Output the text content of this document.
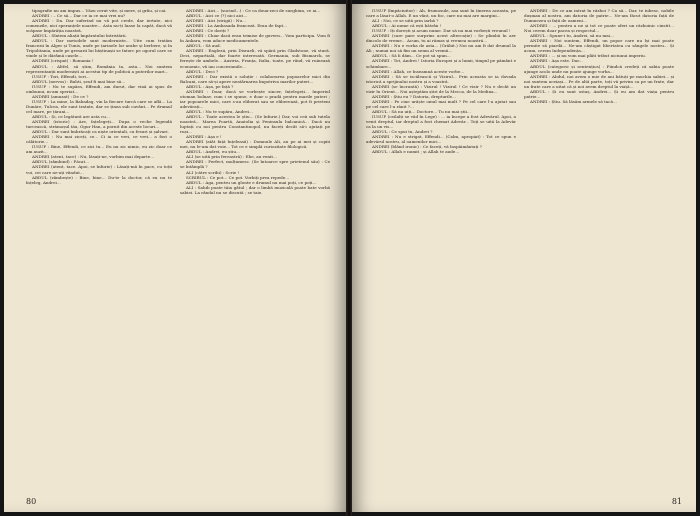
tipografie nu am impus... Văzu cerut vite, și mere, și grâu, și cai.

ANDREI : – Ce să... Dar ce ia ce mai vrei nu?

ANDREI : Da. Dar suferind nu vă pot crede, dar iertate, nici comenzile, nici speranțele noastre... Asta nu-ți luase la capăt, dacă vă scăpase împărăția noastră.

ABDUL : Sîntem aliații împăratului întristării.

ABDUL : Dar metodele sunt moderniste... Uite cum tratăm francezii în Alger și Tunis, unde pe țarinele lor arabe și berbere, și în Tripolitania, unde pe gresarii lui băștinașii se întorc pe ogorul care se vinde și le dărâmă casele...

ANDREI (crispat) : Romania !

ABDUL : Altfel, să știm, România ta, asta... Noi suntem reprezentanții moderniști ai acestui tip de politică a puterilor mari...

IUSUF : Tori, Effendi, tori...

ABDUL (nervos) : Bahti, șeuf fi mai bine să...

IUSUF : Nu te supăra, Effendi, am durut, dar vină ai spus de oinbunui, m-am speriat...

ANDREI (amuzat) : De ce ?

IUSUF : La mine, la Babadag, vin la fiecare turcă care se află... La Dunăre, Tulcea, ele sunt tratate, dar se ținea sub cuvânt... Pe drumul cel mare, pe țărani...

ABDUL : Și, ce legătură are asta cu...

ANDREI (istoric) : Are, înțelegeți... Dupa o veche legendă turcească, strămoșul tău, Ogur Han, a pornit din aceste locuri...

ABDUL : Dar sunt îmbrăcați ca niște orientali, cu fesuri și șalvari.

ANDREI : Nu mai ziceți, ce... Ci ia ce vrei, ce vrei... a fost o călătorie...

IUSUF : Bine, Effendi, ce zici tu... Eu nu zic nimic, eu zic doar ce am auzit...

ANDREI (atent, tace) : Nu, lăsați-ne, vorbim mai departe...

ABDUL (zâmbind) : Păcat...

ANDREI (atent, tace. Apoi, se înfurie) : Lăsați-mă în pace, cu toții voi, cei care ne-ați vândut...

ABDUL (zâmbește) : Bine, bine... Du-te la doctor, că eu nu te înțeleg, Andrei...

ANDREI : Aici... (sucind...) : Ce ca doua-zeci de surghiun, ce ai...

ABDUL : Aici ce (?) nici aici...

ANDREI : Aici (strigă) : Nu...

ANDREI : La Ambasada franceză. Erau de fapt...

ANDREI : Ce doriți ?

ANDREI : Chiar dacă erau trimise de guvern... Vom participa. Vom fi în Ankara, vom aduce medicamentele.

ABDUL : Să aud.

ANDREI : Englezii, prin Disraeli, vă spără prin Gladstone, vă stură. Deci, nepartială, dar foarte interesată. Germania, sub Bismarck, se ferește de ambele... Austria, Franța, Italia, toate, pe rând, vă ruinează economic, vă iau concesiunile...

ABDUL : Deci ?

ANDREI : Dar există o soluție : colaborarea popoarelor mici din Balcani, care să-și apere neatârnarea împotriva marilor puteri...

ABDUL : Așa, pe față ?

ANDREI : Doar, dacă se vorbește sincer, înțelegeți... Imperiul otoman bolnav, cum i se spune, e doar o pradă pentru marile puteri ; iar popoarele mici, care s-au eliberat sau se eliberează, pot fi prieteni adevărați...

ABDUL : Nu te supăra, Andrei...

ABDUL : Toate acestea le știu... (Se înfurie.) Dar, voi ceii sub tutela noastră... Marea Poartă, Anatolia și Peninsula balcanică... Dacă nu luptați cu noi pentru Constantinopol, nu faceți decât să-i ajutați pe ruși...

ANDREI : Așa e !

ANDREI (atât față înțeleasă) : Domnule Ali, au pe ai mei și copiii mei, nu le-am dat voie... Tot ce e simplă curiozitate filologică.

ABDUL : Andrei, eu știu...

ALI (se uită prin fereastră) : Ehe, au venit...

ANDREI : Perfect, mulțumesc. (Se întoarce spre prietenul său) : Ce se întâmplă ?

ALI (către scribi) : Scrie !

SCRIBUL : Ce pot... Ce pot. Vorbiți prea repede...

ABDUL : Aga, pentru un glonte e drumul nu mai poți, ce poți...

ALI : Sahib poate tăia gâtul ; dar o limbă muzicală poate bate vorbă sabiei. La rândul nu se discută ; se taie.

80

IUSUF (împăciuitor) : Ah, frumosule, asa sunt în ținerea aceasta, pe care a lăsat-o Allah. E un vânt, un foc, care nu mai are margini...

ALI : Noi, ce se uită prin iarbă ?

ABDUL : Ai nume că ești bătrân !

IUSUF : Iți dorești și acum nume. Dar să nu mai vorbești vreunul !

ANDREI (care pare surprins acest altercație) : Se plimbă în aer dincolo de vreme... Acum, tu ai rămas și vremea noastră...

ANDREI : Nu e vorba de asta... (Grăbit.) Noi nu am fi dat drumul la Ali ; numai noi să fim un semn al vremii...

ABDUL : Să îi dăm... Ce pot să spun...

ANDREI : Tot, Andrei ! Istoria Europei și a lumii, timpul pe pământ e schimbare...

ANDREI : Allah, ce înseamnă aceste vorbe...

ANDREI : Să se iscălească și Vizirul... Prin aceasta se ia dovada istorică a sprijinului nostru și a voastră.

ANDREI (se încruntă) : Vizirul ! Vizirul ! Ce vizir ? Nu e decât un vizir în Orient... Noi așteptăm știri de la Mecca, de la Medina...

ANDREI : Știu eu ? Datoria, drepturile...

ANDREI : Pe cine urăște omul mai mult ? Pe cel care l-a ajutat sau pe cel care l-a rănit ?...

ABDUL : Să nu uiți... Doctore... Tu nu mai știi...

IUSUF (ceilalți se văd în Lege) : ... ia începe a fost Adevărul. Apoi, a venit dreptul, iar dreptul a fost chemat Adevăr... Toți se uită la Adevăr ca la un vis...

ABDUL : Ce spui tu, Andrei ?

ANDREI : Nu e strigat, Effendi... (Calm, apropiat) : Tot ce spun e adevărul nostru, al oamenilor mici...

ANDREI (blând ironic) : Ce faceți, vă înspăimântați ?

ABDUL : Allah e numit ; și Allah te aude...

ANDREI : De ce am intrat în război ? Ca să... Dar, te iubesc, nobile dușman al nostru, am datoria de patrie... Ne-am făcut datoria față de Dumnezeu și față de oameni...

ANDREI : ... pentru a ne și tot ce poate oferi un războinic cinstit... Noi cerem doar pacea și respectul...

ABDUL : Spune-i tu, Andrei, să nu mai...

ANDREI : Noi suntem, Effendi, un popor care nu își mai poate permite să piardă... Ne-am câștigat libertatea cu sângele nostru... Și acum, cerem Independența...

ANDREI : ... și nu vom mai plăti tribut niciunui imperiu.

ANDREI : Așa este. Dar...

ABDUL (categoric și sentențios) : Fiindcă credeți că sabia poate ajunge acolo unde nu poate ajunge vorba...

ANDREI : Abdul, noi avem o mie de ani bătuți pe muchia sabiei... și noi suntem aceiași... Pe de altă parte, toți vă privim ca pe un frate, dar un frate care a uitat că și noi avem dreptul la viață...

ABDUL : Și eu sunt ostaș, Andrei... Și eu am dat viața pentru patrie...

ANDREI : Știu. Să lăsăm armele să tacă...

81
